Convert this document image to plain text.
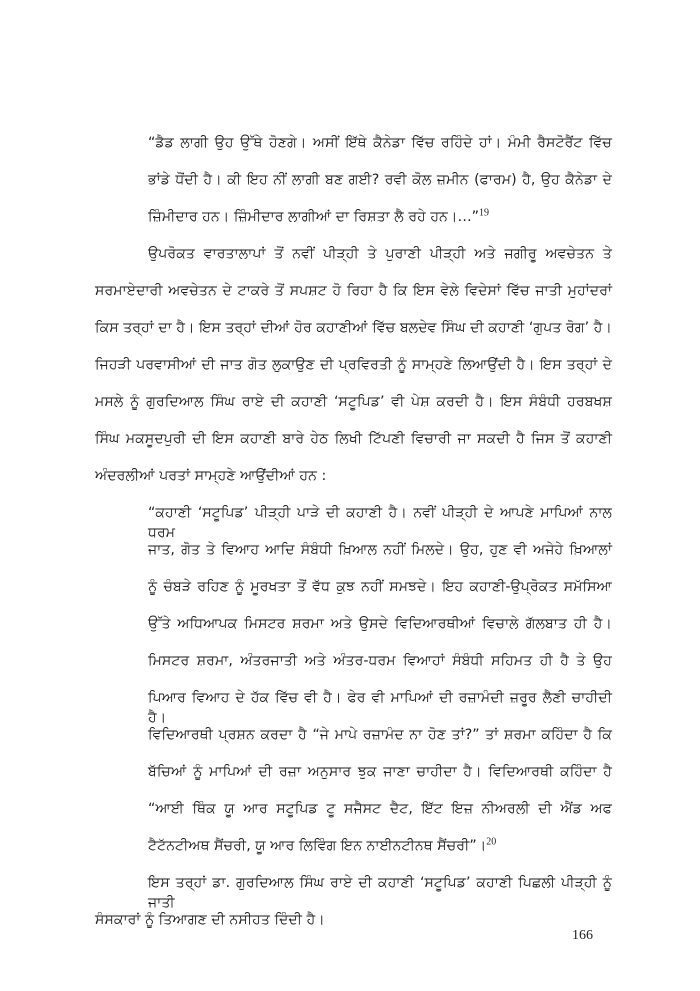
“ਡੈਡ ਲਾਗੀ ਉਹ ਉੱਥੇ ਹੋਣਗੇ। ਅਸੀਂ ਇੱਥੇ ਕੈਨੇਡਾ ਵਿੱਚ ਰਹਿੰਦੇ ਹਾਂ। ਮੰਮੀ ਰੈਸਟੋਰੈਂਟ ਵਿੱਚ
ਭਾਂਡੇ ਧੋਂਦੀ ਹੈ। ਕੀ ਇਹ ਨੀਂ ਲਾਗੀ ਬਣ ਗਈ? ਰਵੀ ਕੋਲ ਜ਼ਮੀਨ (ਫਾਰਮ) ਹੈ, ਉਹ ਕੈਨੇਡਾ ਦੇ
ਜ਼ਿੰਮੀਦਾਰ ਹਨ। ਜ਼ਿੰਮੀਦਾਰ ਲਾਗੀਆਂ ਦਾ ਰਿਸ਼ਤਾ ਲੈ ਰਹੇ ਹਨ।…”$^{19}$
ਉਪਰੋਕਤ ਵਾਰਤਾਲਾਪਾਂ ਤੋਂ ਨਵੀਂ ਪੀੜ੍ਹੀ ਤੇ ਪੁਰਾਣੀ ਪੀੜ੍ਹੀ ਅਤੇ ਜਗੀਰੂ ਅਵਚੇਤਨ ਤੇ
ਸਰਮਾਏਦਾਰੀ ਅਵਚੇਤਨ ਦੇ ਟਾਕਰੇ ਤੋਂ ਸਪਸ਼ਟ ਹੋ ਰਿਹਾ ਹੈ ਕਿ ਇਸ ਵੇਲੇ ਵਿਦੇਸਾਂ ਵਿੱਚ ਜਾਤੀ ਮੁਹਾਂਦਰਾਂ
ਕਿਸ ਤਰ੍ਹਾਂ ਦਾ ਹੈ। ਇਸ ਤਰ੍ਹਾਂ ਦੀਆਂ ਹੋਰ ਕਹਾਣੀਆਂ ਵਿੱਚ ਬਲਦੇਵ ਸਿੰਘ ਦੀ ਕਹਾਣੀ ‘ਗੁਪਤ ਰੋਗ’ ਹੈ।
ਜਿਹੜੀ ਪਰਵਾਸੀਆਂ ਦੀ ਜਾਤ ਗੋਤ ਲੁਕਾਉਣ ਦੀ ਪ੍ਰਵਿਰਤੀ ਨੂੰ ਸਾਮ੍ਹਣੇ ਲਿਆਉਂਦੀ ਹੈ। ਇਸ ਤਰ੍ਹਾਂ ਦੇ
ਮਸਲੇ ਨੂੰ ਗੁਰਦਿਆਲ ਸਿੰਘ ਰਾਏ ਦੀ ਕਹਾਣੀ ‘ਸਟੂਪਿਡ’ ਵੀ ਪੇਸ਼ ਕਰਦੀ ਹੈ। ਇਸ ਸੰਬੰਧੀ ਹਰਬਖਸ਼
ਸਿੰਘ ਮਕਸੂਦਪੁਰੀ ਦੀ ਇਸ ਕਹਾਣੀ ਬਾਰੇ ਹੇਠ ਲਿਖੀ ਟਿੱਪਣੀ ਵਿਚਾਰੀ ਜਾ ਸਕਦੀ ਹੈ ਜਿਸ ਤੋਂ ਕਹਾਣੀ
ਅੰਦਰਲੀਆਂ ਪਰਤਾਂ ਸਾਮ੍ਹਣੇ ਆਉਂਦੀਆਂ ਹਨ :
“ਕਹਾਣੀ ‘ਸਟੂਪਿਡ’ ਪੀੜ੍ਹੀ ਪਾੜੇ ਦੀ ਕਹਾਣੀ ਹੈ। ਨਵੀਂ ਪੀੜ੍ਹੀ ਦੇ ਆਪਣੇ ਮਾਪਿਆਂ ਨਾਲ ਧਰਮ
ਜਾਤ, ਗੋਤ ਤੇ ਵਿਆਹ ਆਦਿ ਸੰਬੰਧੀ ਖ਼ਿਆਲ ਨਹੀਂ ਮਿਲਦੇ। ਉਹ, ਹੁਣ ਵੀ ਅਜੇਹੇ ਖ਼ਿਆਲਾਂ
ਨੂੰ ਚੰਬੜੇ ਰਹਿਣ ਨੂੰ ਮੂਰਖਤਾ ਤੋਂ ਵੱਧ ਕੁਝ ਨਹੀਂ ਸਮਝਦੇ। ਇਹ ਕਹਾਣੀ-ਉਪ੍ਰੋਕਤ ਸਮੱਸਿਆ
ਉੱਤੇ ਅਧਿਆਪਕ ਮਿਸਟਰ ਸ਼ਰਮਾ ਅਤੇ ਉਸਦੇ ਵਿਦਿਆਰਥੀਆਂ ਵਿਚਾਲੇ ਗੱਲਬਾਤ ਹੀ ਹੈ।
ਮਿਸਟਰ ਸ਼ਰਮਾ, ਅੰਤਰਜਾਤੀ ਅਤੇ ਅੰਤਰ-ਧਰਮ ਵਿਆਹਾਂ ਸੰਬੰਧੀ ਸਹਿਮਤ ਹੀ ਹੈ ਤੇ ਉਹ
ਪਿਆਰ ਵਿਆਹ ਦੇ ਹੱਕ ਵਿੱਚ ਵੀ ਹੈ। ਫੇਰ ਵੀ ਮਾਪਿਆਂ ਦੀ ਰਜ਼ਾਮੰਦੀ ਜ਼ਰੂਰ ਲੈਣੀ ਚਾਹੀਦੀ ਹੈ।
ਵਿਦਿਆਰਥੀ ਪ੍ਰਸ਼ਨ ਕਰਦਾ ਹੈ “ਜੇ ਮਾਪੇ ਰਜ਼ਾਮੰਦ ਨਾ ਹੋਣ ਤਾਂ?” ਤਾਂ ਸ਼ਰਮਾ ਕਹਿੰਦਾ ਹੈ ਕਿ
ਬੱਚਿਆਂ ਨੂੰ ਮਾਪਿਆਂ ਦੀ ਰਜ਼ਾ ਅਨੁਸਾਰ ਝੁਕ ਜਾਣਾ ਚਾਹੀਦਾ ਹੈ। ਵਿਦਿਆਰਥੀ ਕਹਿੰਦਾ ਹੈ
“ਆਈ ਥਿੰਕ ਯੂ ਆਰ ਸਟੂਪਿਡ ਟੂ ਸਜੈਸਟ ਦੈਟ, ਇੱਟ ਇਜ਼ ਨੀਅਰਲੀ ਦੀ ਐਂਡ ਅਫ
ਟੈਟੱਨਟੀਅਥ ਸੈਂਚਰੀ, ਯੂ ਆਰ ਲਿਵਿੰਗ ਇਨ ਨਾਈਨਟੀਨਥ ਸੈਂਚਰੀ”।$^{20}$
ਇਸ ਤਰ੍ਹਾਂ ਡਾ. ਗੁਰਦਿਆਲ ਸਿੰਘ ਰਾਏ ਦੀ ਕਹਾਣੀ ‘ਸਟੂਪਿਡ’ ਕਹਾਣੀ ਪਿਛਲੀ ਪੀੜ੍ਹੀ ਨੂੰ ਜਾਤੀ
ਸੰਸਕਾਰਾਂ ਨੂੰ ਤਿਆਗਣ ਦੀ ਨਸੀਹਤ ਦਿੰਦੀ ਹੈ।
166
